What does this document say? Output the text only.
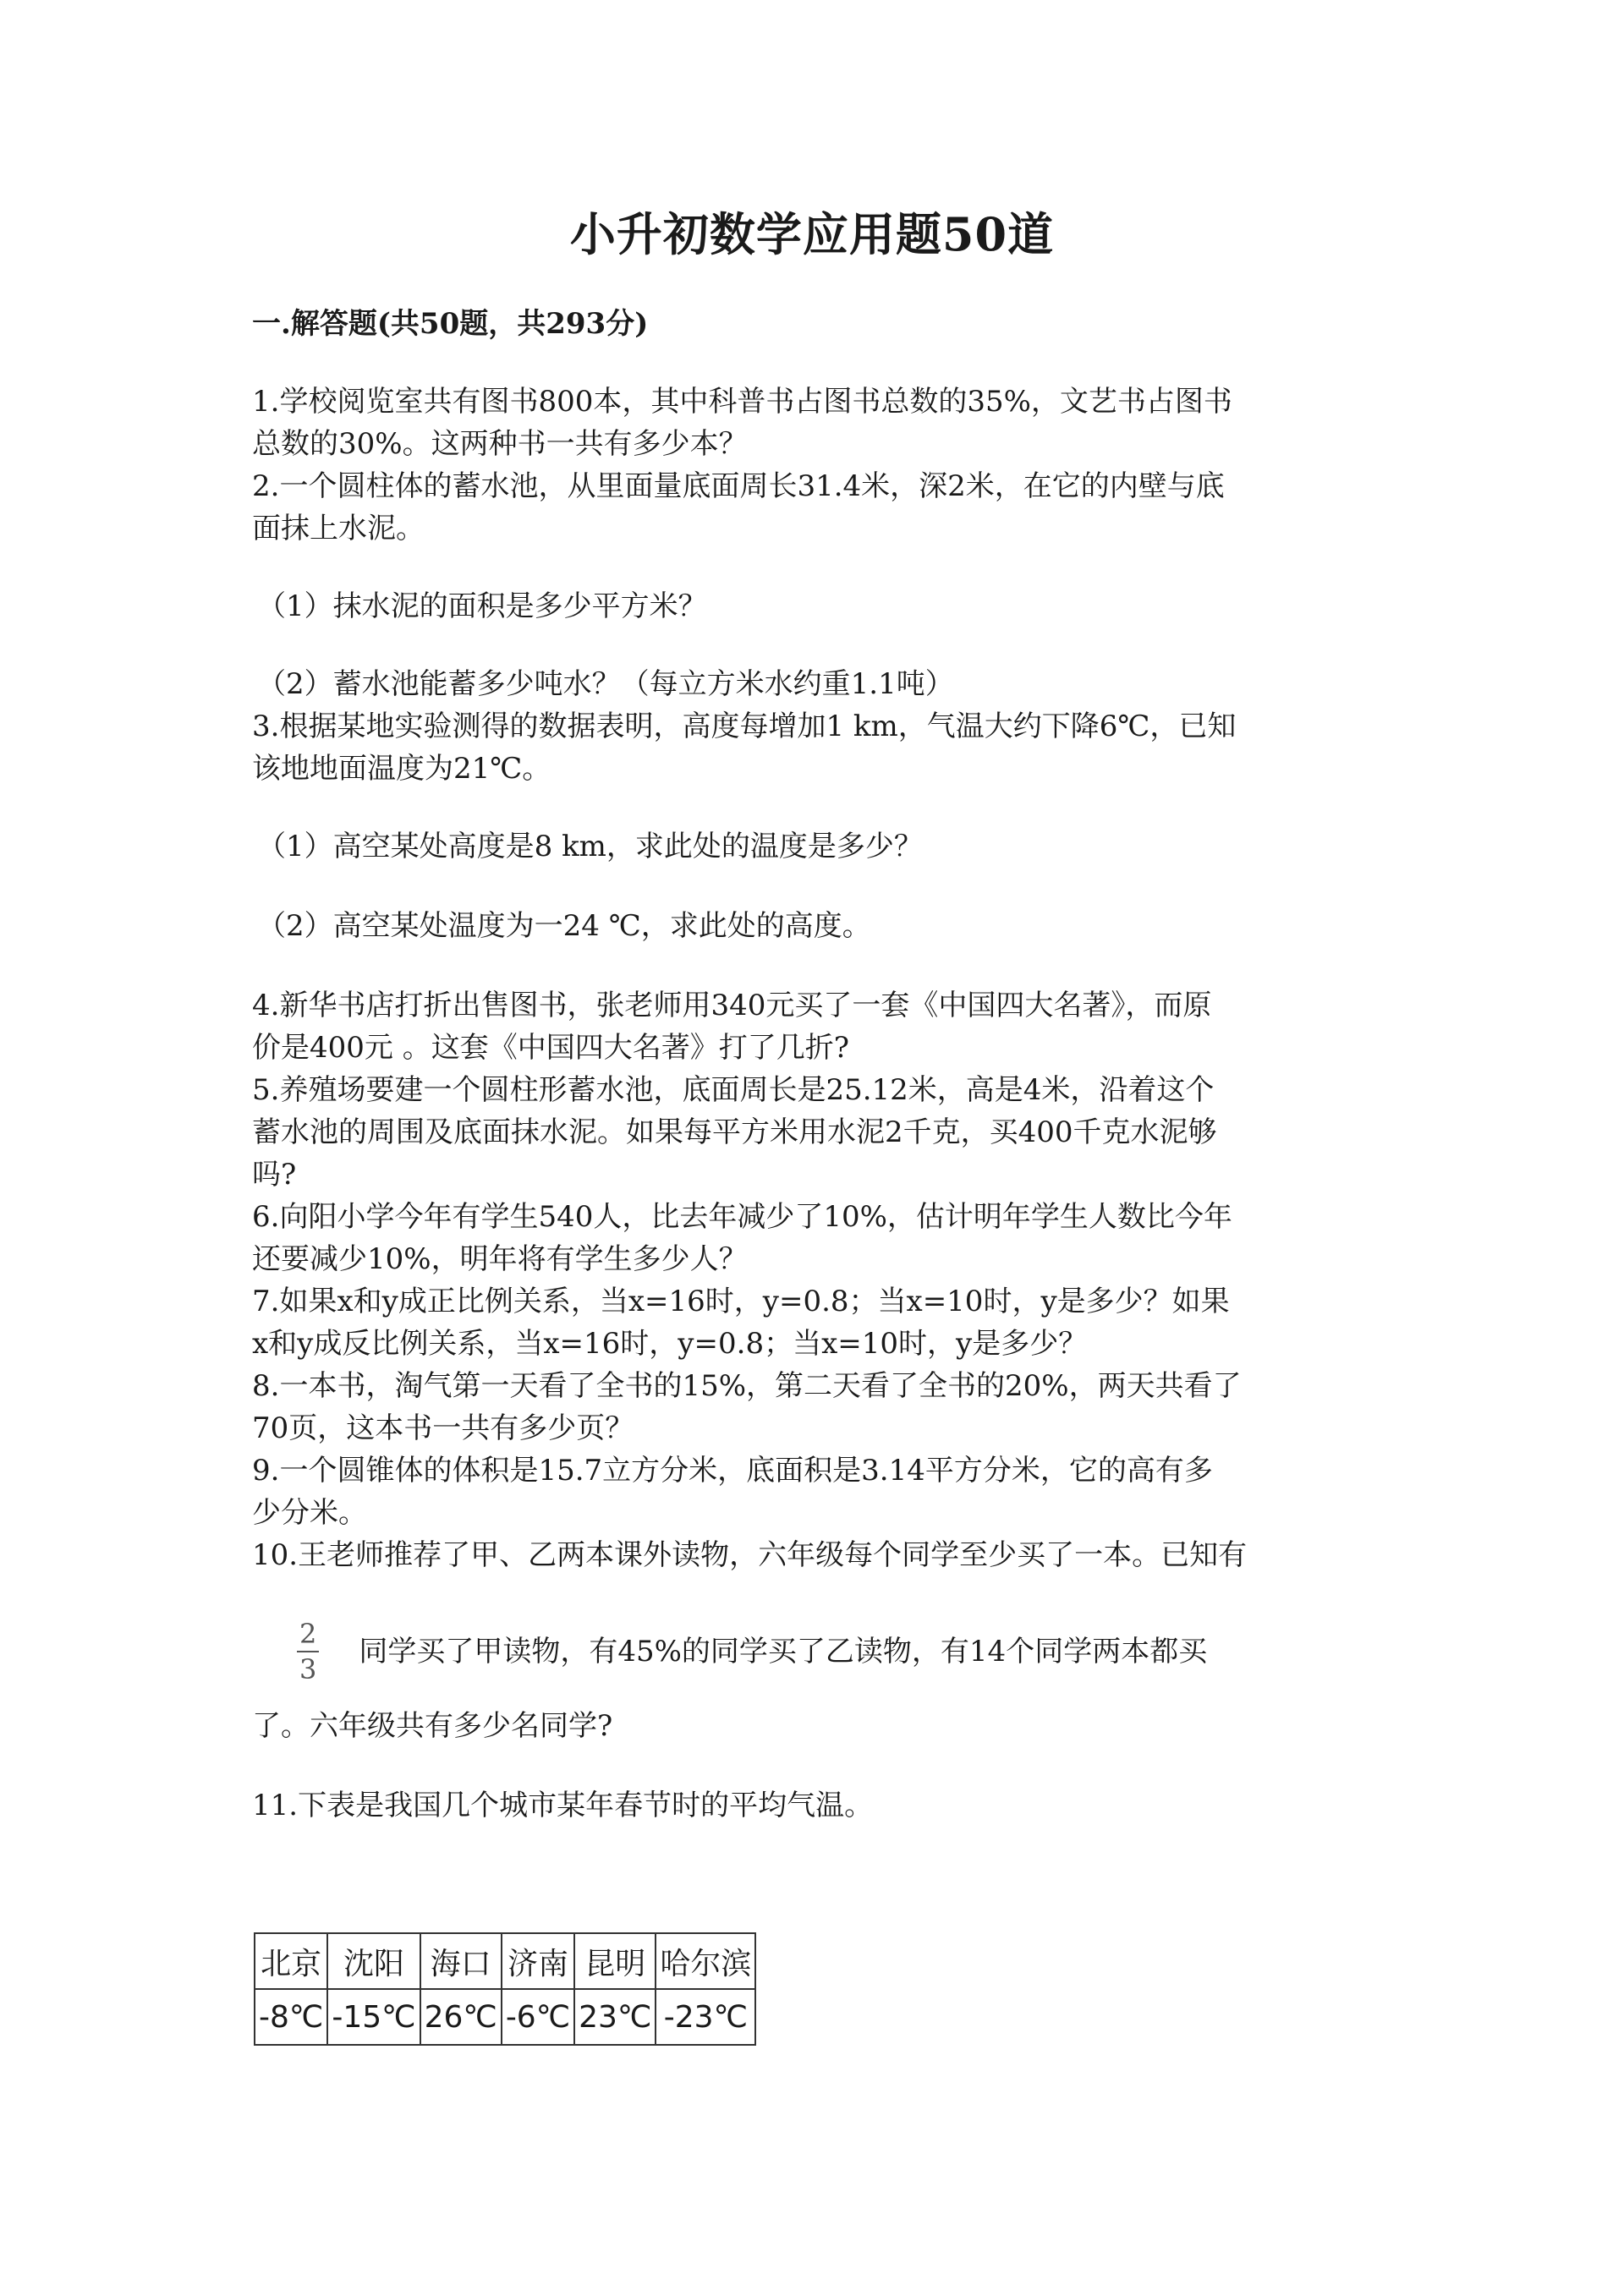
小升初数学应用题50道
一.解答题(共50题，共293分)

1.学校阅览室共有图书800本，其中科普书占图书总数的35%，文艺书占图书

总数的30%。这两种书一共有多少本？

2.一个圆柱体的蓄水池，从里面量底面周长31.4米，深2米，在它的内壁与底

面抹上水泥。

（1）抹水泥的面积是多少平方米？

（2）蓄水池能蓄多少吨水？（每立方米水约重1.1吨）

3.根据某地实验测得的数据表明，高度每增加1 km，气温大约下降6℃，已知

该地地面温度为21℃。

（1）高空某处高度是8 km，求此处的温度是多少？

（2）高空某处温度为一24 ℃，求此处的高度。

4.新华书店打折出售图书，张老师用340元买了一套《中国四大名著》，而原

价是400元 。这套《中国四大名著》打了几折?

5.养殖场要建一个圆柱形蓄水池，底面周长是25.12米，高是4米，沿着这个

蓄水池的周围及底面抹水泥。如果每平方米用水泥2千克，买400千克水泥够

吗?

6.向阳小学今年有学生540人，比去年减少了10%，估计明年学生人数比今年

还要减少10%，明年将有学生多少人？

7.如果x和y成正比例关系，当x=16时，y=0.8；当x=10时，y是多少？如果

x和y成反比例关系，当x=16时，y=0.8；当x=10时，y是多少？

8.一本书，淘气第一天看了全书的15%，第二天看了全书的20%，两天共看了

70页，这本书一共有多少页？

9.一个圆锥体的体积是15.7立方分米，底面积是3.14平方分米，它的高有多

少分米。

10.王老师推荐了甲、乙两本课外读物，六年级每个同学至少买了一本。已知有

$\frac{2}{3}$ 同学买了甲读物，有45%的同学买了乙读物，有14个同学两本都买

了。六年级共有多少名同学?

11.下表是我国几个城市某年春节时的平均气温。

北京	沈阳	海口	济南	昆明	哈尔滨
-8℃	-15℃	26℃	-6℃	23℃	-23℃
